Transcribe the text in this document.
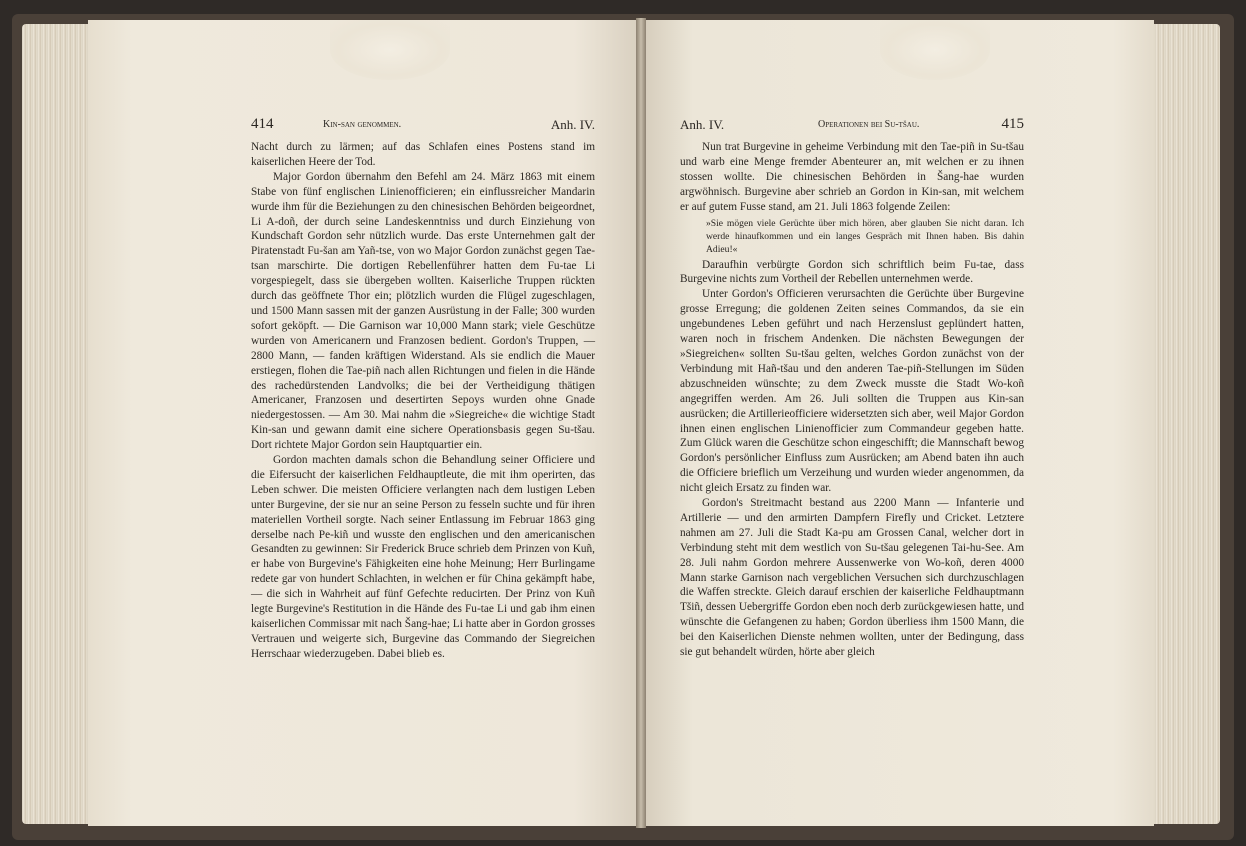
414	Kin-san genommen.	Anh. IV.

Nacht durch zu lärmen; auf das Schlafen eines Postens stand im kaiserlichen Heere der Tod.

Major Gordon übernahm den Befehl am 24. März 1863 mit einem Stabe von fünf englischen Linienofficieren; ein einflussreicher Mandarin wurde ihm für die Beziehungen zu den chinesischen Behörden beigeordnet, Li A-doñ, der durch seine Landeskenntniss und durch Einziehung von Kundschaft Gordon sehr nützlich wurde. Das erste Unternehmen galt der Piratenstadt Fu-šan am Yañ-tse, von wo Major Gordon zunächst gegen Tae-tsan marschirte. Die dortigen Rebellenführer hatten dem Fu-tae Li vorgespiegelt, dass sie übergeben wollten. Kaiserliche Truppen rückten durch das geöffnete Thor ein; plötzlich wurden die Flügel zugeschlagen, und 1500 Mann sassen mit der ganzen Ausrüstung in der Falle; 300 wurden sofort geköpft. — Die Garnison war 10,000 Mann stark; viele Geschütze wurden von Americanern und Franzosen bedient. Gordon's Truppen, — 2800 Mann, — fanden kräftigen Widerstand. Als sie endlich die Mauer erstiegen, flohen die Tae-piñ nach allen Richtungen und fielen in die Hände des rachedürstenden Landvolks; die bei der Vertheidigung thätigen Americaner, Franzosen und desertirten Sepoys wurden ohne Gnade niedergestossen. — Am 30. Mai nahm die »Siegreiche« die wichtige Stadt Kin-san und gewann damit eine sichere Operationsbasis gegen Su-tšau. Dort richtete Major Gordon sein Hauptquartier ein.

Gordon machten damals schon die Behandlung seiner Officiere und die Eifersucht der kaiserlichen Feldhauptleute, die mit ihm operirten, das Leben schwer. Die meisten Officiere verlangten nach dem lustigen Leben unter Burgevine, der sie nur an seine Person zu fesseln suchte und für ihren materiellen Vortheil sorgte. Nach seiner Entlassung im Februar 1863 ging derselbe nach Pe-kiñ und wusste den englischen und den americanischen Gesandten zu gewinnen: Sir Frederick Bruce schrieb dem Prinzen von Kuñ, er habe von Burgevine's Fähigkeiten eine hohe Meinung; Herr Burlingame redete gar von hundert Schlachten, in welchen er für China gekämpft habe, — die sich in Wahrheit auf fünf Gefechte reducirten. Der Prinz von Kuñ legte Burgevine's Restitution in die Hände des Fu-tae Li und gab ihm einen kaiserlichen Commissar mit nach Šang-hae; Li hatte aber in Gordon grosses Vertrauen und weigerte sich, Burgevine das Commando der Siegreichen Herrschaar wiederzugeben. Dabei blieb es.

Anh. IV.	Operationen bei Su-tšau.	415

Nun trat Burgevine in geheime Verbindung mit den Tae-piñ in Su-tšau und warb eine Menge fremder Abenteurer an, mit welchen er zu ihnen stossen wollte. Die chinesischen Behörden in Šang-hae wurden argwöhnisch. Burgevine aber schrieb an Gordon in Kin-san, mit welchem er auf gutem Fusse stand, am 21. Juli 1863 folgende Zeilen:

»Sie mögen viele Gerüchte über mich hören, aber glauben Sie nicht daran. Ich werde hinaufkommen und ein langes Gespräch mit Ihnen haben. Bis dahin Adieu!«

Daraufhin verbürgte Gordon sich schriftlich beim Fu-tae, dass Burgevine nichts zum Vortheil der Rebellen unternehmen werde.

Unter Gordon's Officieren verursachten die Gerüchte über Burgevine grosse Erregung; die goldenen Zeiten seines Commandos, da sie ein ungebundenes Leben geführt und nach Herzenslust geplündert hatten, waren noch in frischem Andenken. Die nächsten Bewegungen der »Siegreichen« sollten Su-tšau gelten, welches Gordon zunächst von der Verbindung mit Hañ-tšau und den anderen Tae-piñ-Stellungen im Süden abzuschneiden wünschte; zu dem Zweck musste die Stadt Wo-koñ angegriffen werden. Am 26. Juli sollten die Truppen aus Kin-san ausrücken; die Artillerieofficiere widersetzten sich aber, weil Major Gordon ihnen einen englischen Linienofficier zum Commandeur gegeben hatte. Zum Glück waren die Geschütze schon eingeschifft; die Mannschaft bewog Gordon's persönlicher Einfluss zum Ausrücken; am Abend baten ihn auch die Officiere brieflich um Verzeihung und wurden wieder angenommen, da nicht gleich Ersatz zu finden war.

Gordon's Streitmacht bestand aus 2200 Mann — Infanterie und Artillerie — und den armirten Dampfern Firefly und Cricket. Letztere nahmen am 27. Juli die Stadt Ka-pu am Grossen Canal, welcher dort in Verbindung steht mit dem westlich von Su-tšau gelegenen Tai-hu-See. Am 28. Juli nahm Gordon mehrere Aussenwerke von Wo-koñ, deren 4000 Mann starke Garnison nach vergeblichen Versuchen sich durchzuschlagen die Waffen streckte. Gleich darauf erschien der kaiserliche Feldhauptmann Tšiñ, dessen Uebergriffe Gordon eben noch derb zurückgewiesen hatte, und wünschte die Gefangenen zu haben; Gordon überliess ihm 1500 Mann, die bei den Kaiserlichen Dienste nehmen wollten, unter der Bedingung, dass sie gut behandelt würden, hörte aber gleich
